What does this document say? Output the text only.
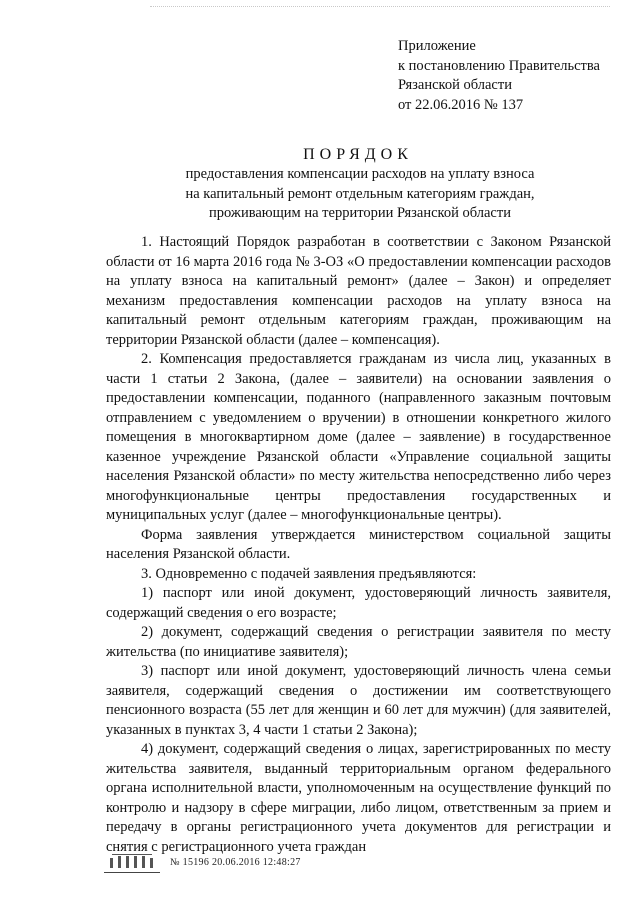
Приложение
к постановлению Правительства
Рязанской области
от 22.06.2016 № 137
ПОРЯДОК
предоставления компенсации расходов на уплату взноса
на капитальный ремонт отдельным категориям граждан,
проживающим на территории Рязанской области

1. Настоящий Порядок разработан в соответствии с Законом Рязанской области от 16 марта 2016 года № 3-ОЗ «О предоставлении компенсации расходов на уплату взноса на капитальный ремонт» (далее – Закон) и определяет механизм предоставления компенсации расходов на уплату взноса на капитальный ремонт отдельным категориям граждан, проживающим на территории Рязанской области (далее – компенсация).

2. Компенсация предоставляется гражданам из числа лиц, указанных в части 1 статьи 2 Закона, (далее – заявители) на основании заявления о предоставлении компенсации, поданного (направленного заказным почтовым отправлением с уведомлением о вручении) в отношении конкретного жилого помещения в многоквартирном доме (далее – заявление) в государственное казенное учреждение Рязанской области «Управление социальной защиты населения Рязанской области» по месту жительства непосредственно либо через многофункциональные центры предоставления государственных и муниципальных услуг (далее – многофункциональные центры).

Форма заявления утверждается министерством социальной защиты населения Рязанской области.

3. Одновременно с подачей заявления предъявляются:

1) паспорт или иной документ, удостоверяющий личность заявителя, содержащий сведения о его возрасте;

2) документ, содержащий сведения о регистрации заявителя по месту жительства (по инициативе заявителя);

3) паспорт или иной документ, удостоверяющий личность члена семьи заявителя, содержащий сведения о достижении им соответствующего пенсионного возраста (55 лет для женщин и 60 лет для мужчин) (для заявителей, указанных в пунктах 3, 4 части 1 статьи 2 Закона);

4) документ, содержащий сведения о лицах, зарегистрированных по месту жительства заявителя, выданный территориальным органом федерального органа исполнительной власти, уполномоченным на осуществление функций по контролю и надзору в сфере миграции, либо лицом, ответственным за прием и передачу в органы регистрационного учета документов для регистрации и снятия с регистрационного учета граждан

№ 15196 20.06.2016 12:48:27
